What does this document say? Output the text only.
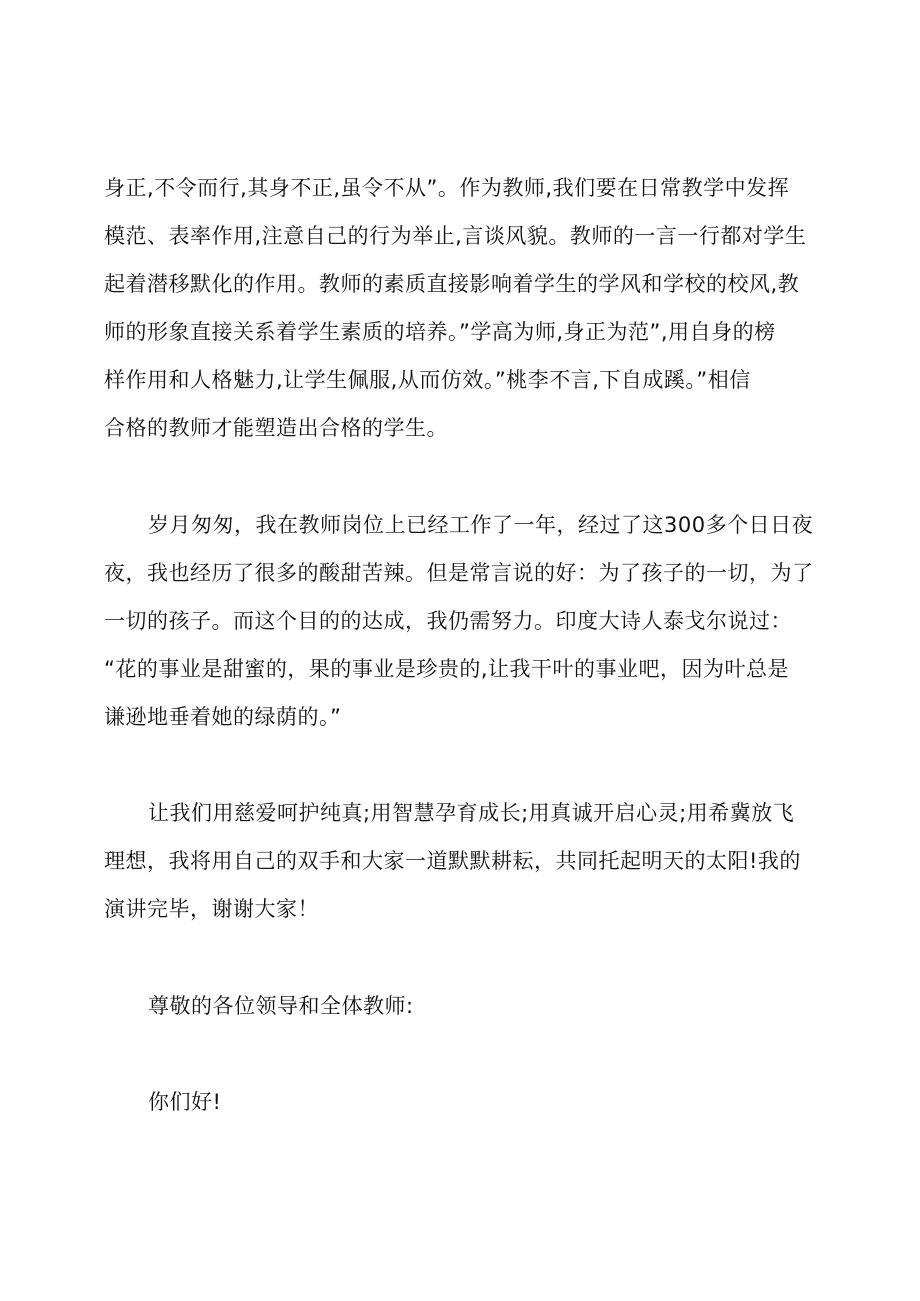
身正,不令而行,其身不正,虽令不从”。作为教师,我们要在日常教学中发挥
模范、表率作用,注意自己的行为举止,言谈风貌。教师的一言一行都对学生
起着潜移默化的作用。教师的素质直接影响着学生的学风和学校的校风,教
师的形象直接关系着学生素质的培养。”学高为师,身正为范”,用自身的榜
样作用和人格魅力,让学生佩服,从而仿效。”桃李不言,下自成蹊。”相信
合格的教师才能塑造出合格的学生。
岁月匆匆，我在教师岗位上已经工作了一年，经过了这300多个日日夜
夜，我也经历了很多的酸甜苦辣。但是常言说的好：为了孩子的一切，为了
一切的孩子。而这个目的的达成，我仍需努力。印度大诗人泰戈尔说过：
“花的事业是甜蜜的，果的事业是珍贵的,让我干叶的事业吧，因为叶总是
谦逊地垂着她的绿荫的。”
让我们用慈爱呵护纯真;用智慧孕育成长;用真诚开启心灵;用希冀放飞
理想，我将用自己的双手和大家一道默默耕耘，共同托起明天的太阳!我的
演讲完毕，谢谢大家！
尊敬的各位领导和全体教师:
你们好!
